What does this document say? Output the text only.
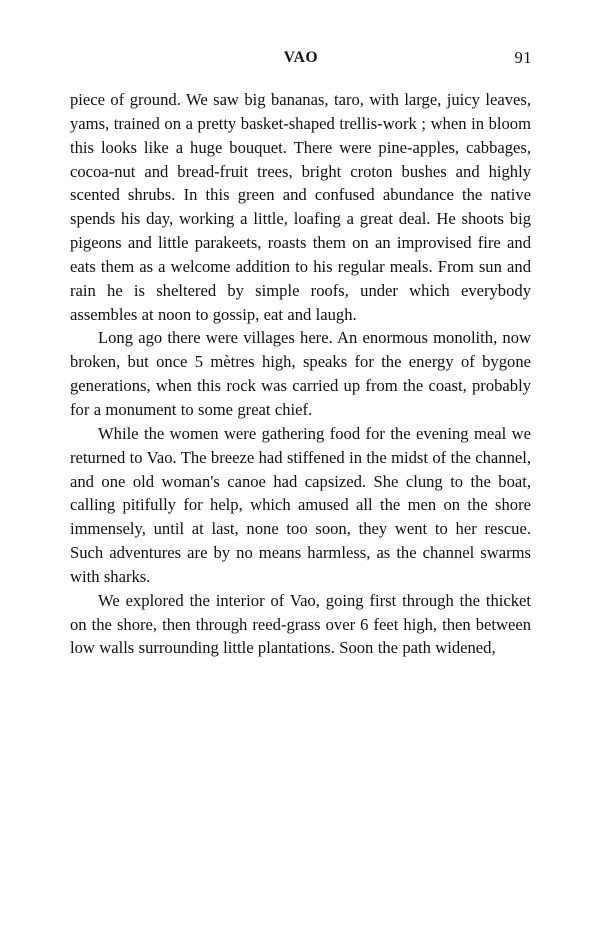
VAO	91

piece of ground. We saw big bananas, taro, with large, juicy leaves, yams, trained on a pretty basket-shaped trellis-work ; when in bloom this looks like a huge bouquet. There were pine-apples, cabbages, cocoa-nut and bread-fruit trees, bright croton bushes and highly scented shrubs. In this green and confused abundance the native spends his day, working a little, loafing a great deal. He shoots big pigeons and little parakeets, roasts them on an improvised fire and eats them as a welcome addition to his regular meals. From sun and rain he is sheltered by simple roofs, under which everybody assembles at noon to gossip, eat and laugh.

Long ago there were villages here. An enormous monolith, now broken, but once 5 mètres high, speaks for the energy of bygone generations, when this rock was carried up from the coast, probably for a monument to some great chief.

While the women were gathering food for the evening meal we returned to Vao. The breeze had stiffened in the midst of the channel, and one old woman's canoe had capsized. She clung to the boat, calling pitifully for help, which amused all the men on the shore immensely, until at last, none too soon, they went to her rescue. Such adventures are by no means harmless, as the channel swarms with sharks.

We explored the interior of Vao, going first through the thicket on the shore, then through reed-grass over 6 feet high, then between low walls surrounding little plantations. Soon the path widened,
